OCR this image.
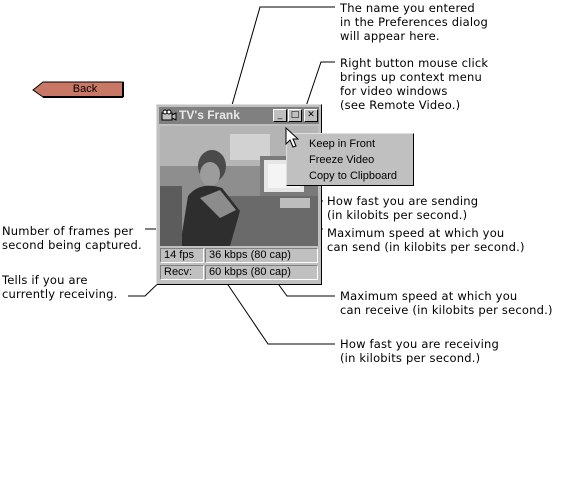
Back
TV's Frank	_ □ ✕
14 fps	36 kbps (80 cap)
Recv:	60 kbps (80 cap)
Keep in Front
Freeze Video
Copy to Clipboard
The name you entered
in the Preferences dialog
will appear here.
Right button mouse click
brings up context menu
for video windows
(see Remote Video.)
How fast you are sending
(in kilobits per second.)
Maximum speed at which you
can send (in kilobits per second.)
Number of frames per
second being captured.
Tells if you are
currently receiving.	Maximum speed at which you
can receive (in kilobits per second.)
How fast you are receiving
(in kilobits per second.)
